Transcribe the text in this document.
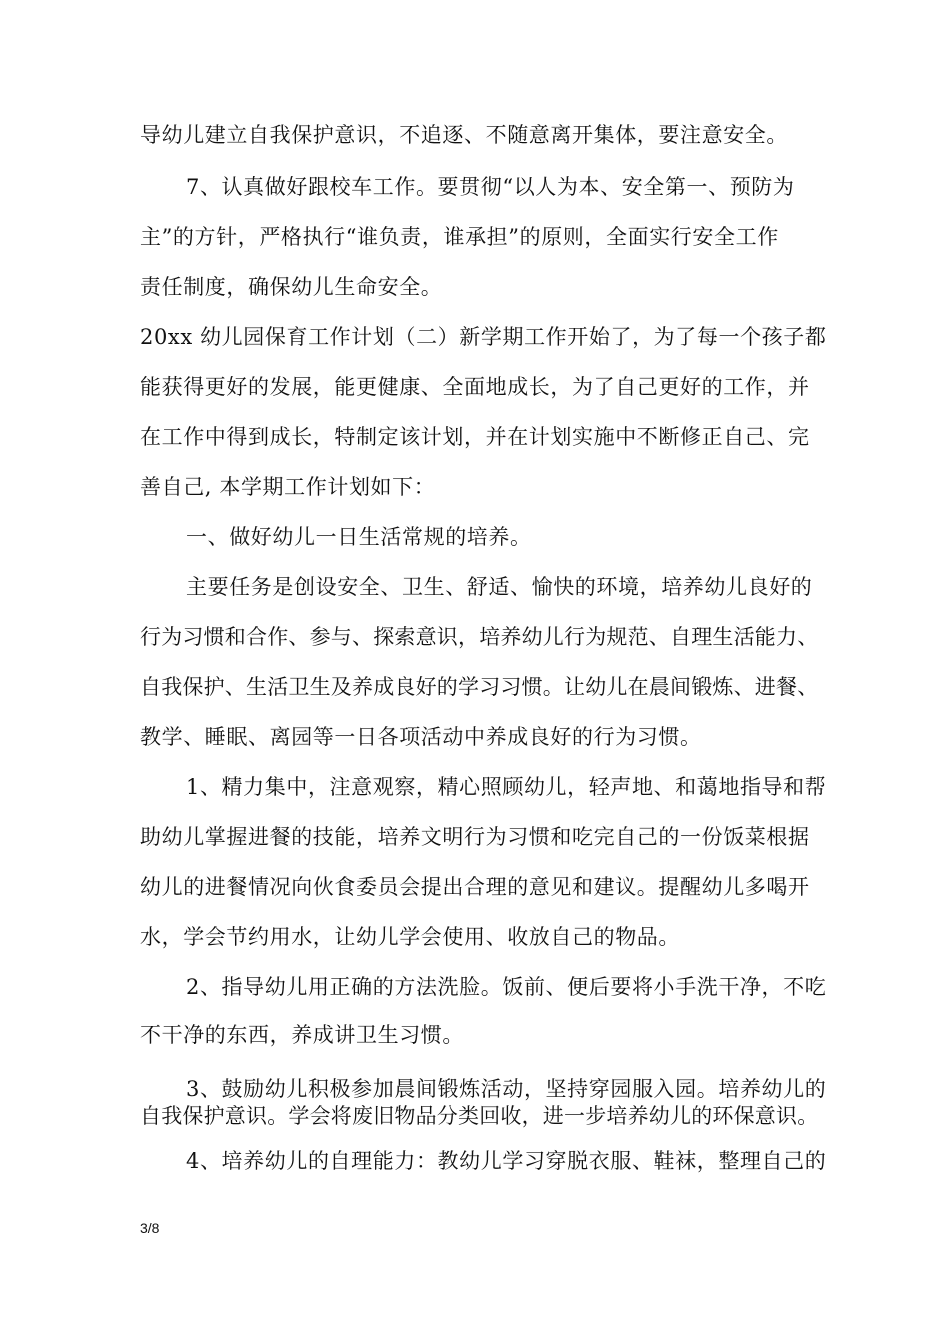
导幼儿建立自我保护意识，不追逐、不随意离开集体，要注意安全。
7、认真做好跟校车工作。要贯彻“以人为本、安全第一、预防为
主”的方针，严格执行“谁负责，谁承担”的原则，全面实行安全工作
责任制度，确保幼儿生命安全。
20xx 幼儿园保育工作计划（二）新学期工作开始了，为了每一个孩子都
能获得更好的发展，能更健康、全面地成长，为了自己更好的工作，并
在工作中得到成长，特制定该计划，并在计划实施中不断修正自己、完
善自己, 本学期工作计划如下：
一、做好幼儿一日生活常规的培养。
主要任务是创设安全、卫生、舒适、愉快的环境，培养幼儿良好的
行为习惯和合作、参与、探索意识，培养幼儿行为规范、自理生活能力、
自我保护、生活卫生及养成良好的学习习惯。让幼儿在晨间锻炼、进餐、
教学、睡眠、离园等一日各项活动中养成良好的行为习惯。
1、精力集中，注意观察，精心照顾幼儿，轻声地、和蔼地指导和帮
助幼儿掌握进餐的技能，培养文明行为习惯和吃完自己的一份饭菜根据
幼儿的进餐情况向伙食委员会提出合理的意见和建议。提醒幼儿多喝开
水，学会节约用水，让幼儿学会使用、收放自己的物品。
2、指导幼儿用正确的方法洗脸。饭前、便后要将小手洗干净，不吃
不干净的东西，养成讲卫生习惯。
3、鼓励幼儿积极参加晨间锻炼活动，坚持穿园服入园。培养幼儿的
自我保护意识。学会将废旧物品分类回收，进一步培养幼儿的环保意识。
4、培养幼儿的自理能力：教幼儿学习穿脱衣服、鞋袜，整理自己的
3/8
